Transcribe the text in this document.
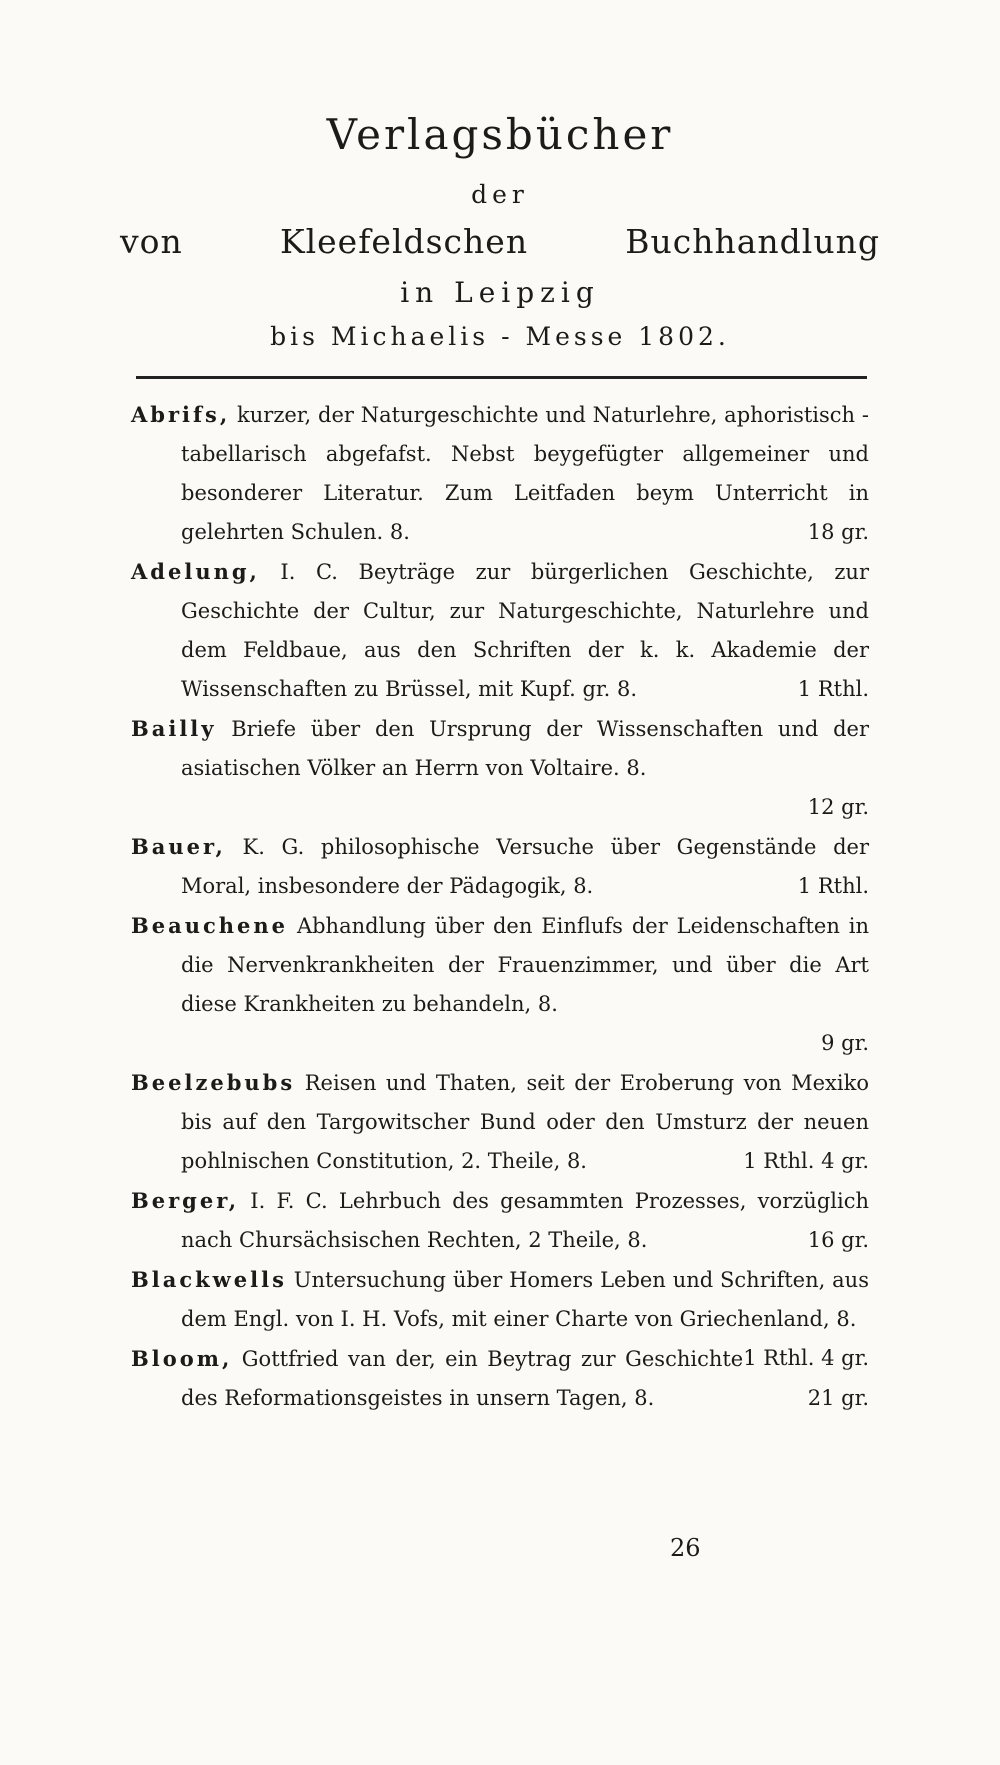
Verlagsbücher
der
von	Kleefeldschen	Buchhandlung
in Leipzig
bis Michaelis - Messe 1802.
Abrifs, kurzer, der Naturgeschichte und Naturlehre, aphoristisch - tabellarisch abgefafst. Nebst beygefügter allgemeiner und besonderer Literatur. Zum Leitfaden beym Unterricht in gelehrten Schulen. 8.	18 gr.
Adelung, I. C. Beyträge zur bürgerlichen Geschichte, zur Geschichte der Cultur, zur Naturgeschichte, Naturlehre und dem Feldbaue, aus den Schriften der k. k. Akademie der Wissenschaften zu Brüssel, mit Kupf. gr. 8.	1 Rthl.
Bailly Briefe über den Ursprung der Wissenschaften und der asiatischen Völker an Herrn von Voltaire. 8.
12 gr.
Bauer, K. G. philosophische Versuche über Gegenstände der Moral, insbesondere der Pädagogik, 8.	1 Rthl.
Beauchene Abhandlung über den Einflufs der Leidenschaften in die Nervenkrankheiten der Frauenzimmer, und über die Art diese Krankheiten zu behandeln, 8.
9 gr.
Beelzebubs Reisen und Thaten, seit der Eroberung von Mexiko bis auf den Targowitscher Bund oder den Umsturz der neuen pohlnischen Constitution, 2. Theile, 8.	1 Rthl. 4 gr.
Berger, I. F. C. Lehrbuch des gesammten Prozesses, vorzüglich nach Chursächsischen Rechten, 2 Theile, 8.	16 gr.
Blackwells Untersuchung über Homers Leben und Schriften, aus dem Engl. von I. H. Vofs, mit einer Charte von Griechenland, 8.
1 Rthl. 4 gr.
Bloom, Gottfried van der, ein Beytrag zur Geschichte des Reformationsgeistes in unsern Tagen, 8.	21 gr.
26
